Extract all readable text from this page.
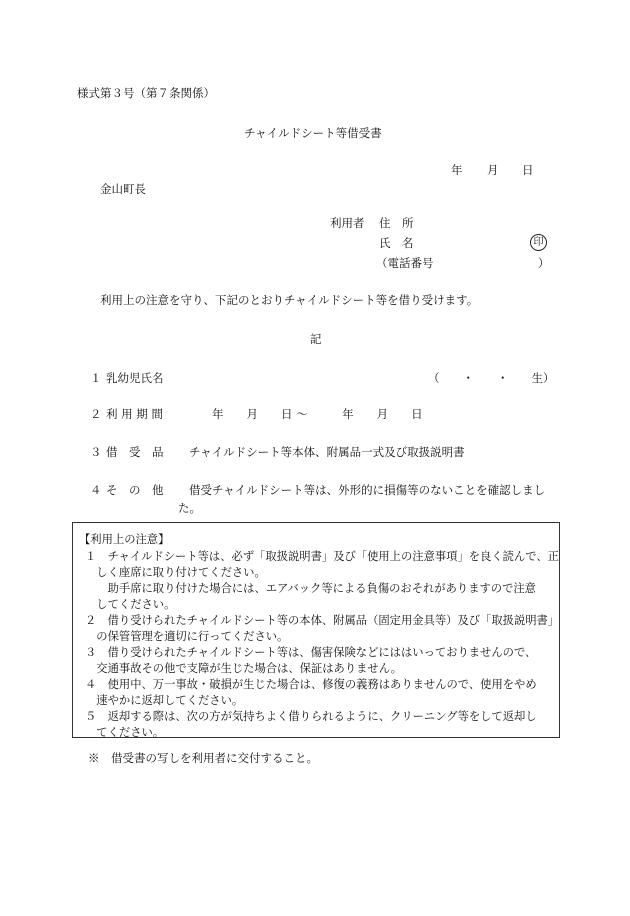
様式第３号（第７条関係）
チャイルドシート等借受書
年 月 日
金山町長
利用者 住　所
氏　名	印
（電話番号	）
利用上の注意を守り、下記のとおりチャイルドシート等を借り受けます。
記
１ 乳幼児氏名	（　　・　　・　　生）
２ 利 用 期 間	年　　月　　日 ～　　　年　　月　　日
３ 借　受　品 チャイルドシート等本体、附属品一式及び取扱説明書
４ そ　の　他 借受チャイルドシート等は、外形的に損傷等のないことを確認しまし
た。
【利用上の注意】
１　チャイルドシート等は、必ず「取扱説明書」及び「使用上の注意事項」を良く読んで、正
　しく座席に取り付けてください。
　　助手席に取り付けた場合には、エアバック等による負傷のおそれがありますので注意
　してください。
２　借り受けられたチャイルドシート等の本体、附属品（固定用金具等）及び「取扱説明書」
　の保管管理を適切に行ってください。
３　借り受けられたチャイルドシート等は、傷害保険などにははいっておりませんので、
　交通事故その他で支障が生じた場合は、保証はありません。
４　使用中、万一事故・破損が生じた場合は、修復の義務はありませんので、使用をやめ
　速やかに返却してください。
５　返却する際は、次の方が気持ちよく借りられるように、クリーニング等をして返却し
　てください。
※　借受書の写しを利用者に交付すること。
